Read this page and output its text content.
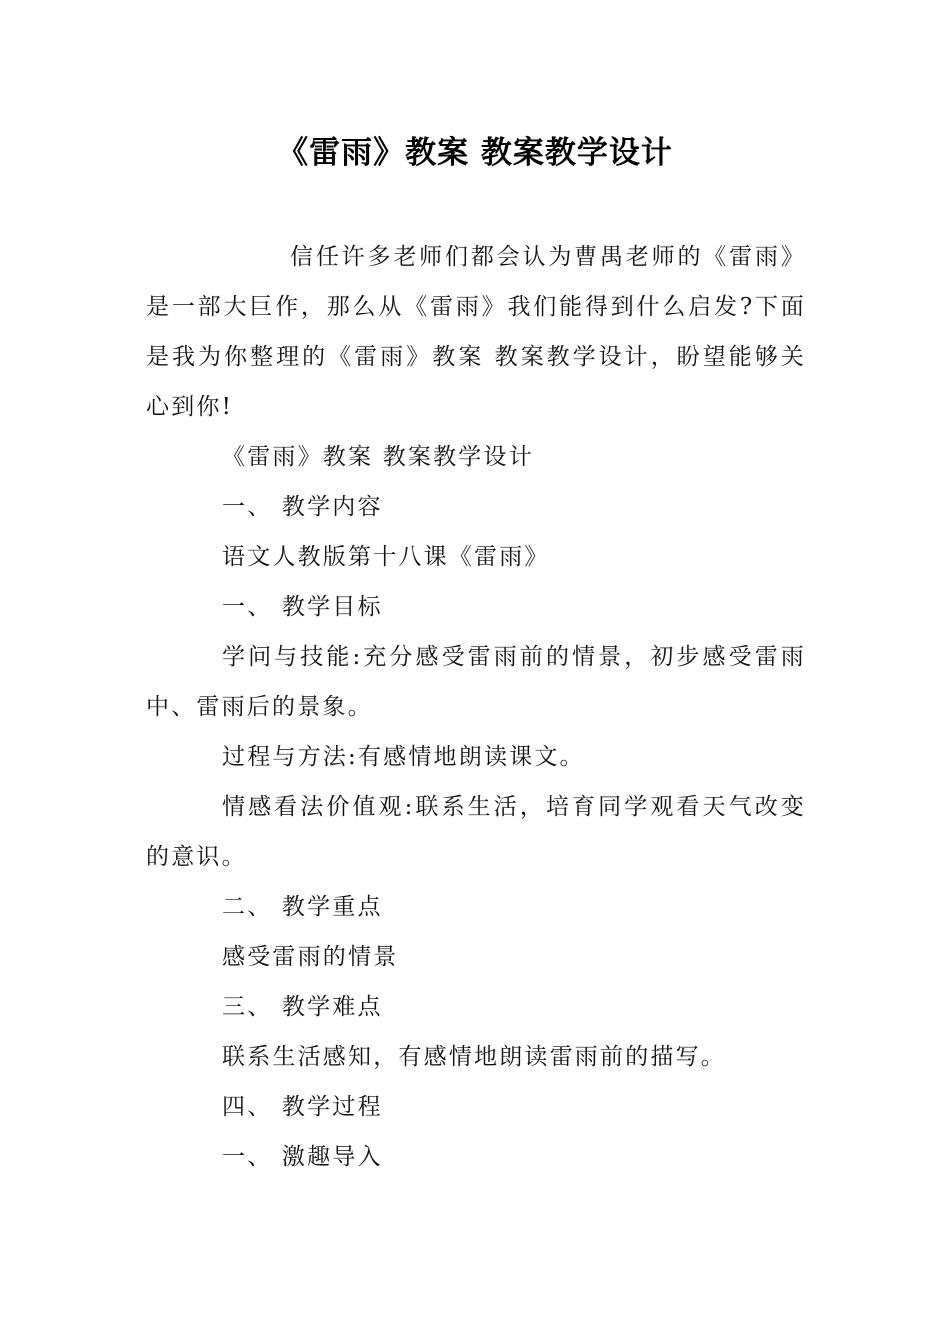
《雷雨》教案 教案教学设计

信任许多老师们都会认为曹禺老师的《雷雨》是一部大巨作，那么从《雷雨》我们能得到什么启发?下面是我为你整理的《雷雨》教案 教案教学设计，盼望能够关心到你!

《雷雨》教案 教案教学设计

一、 教学内容

语文人教版第十八课《雷雨》

一、 教学目标

学问与技能:充分感受雷雨前的情景，初步感受雷雨中、雷雨后的景象。

过程与方法:有感情地朗读课文。

情感看法价值观:联系生活，培育同学观看天气改变的意识。

二、 教学重点

感受雷雨的情景

三、 教学难点

联系生活感知，有感情地朗读雷雨前的描写。

四、 教学过程

一、 激趣导入
